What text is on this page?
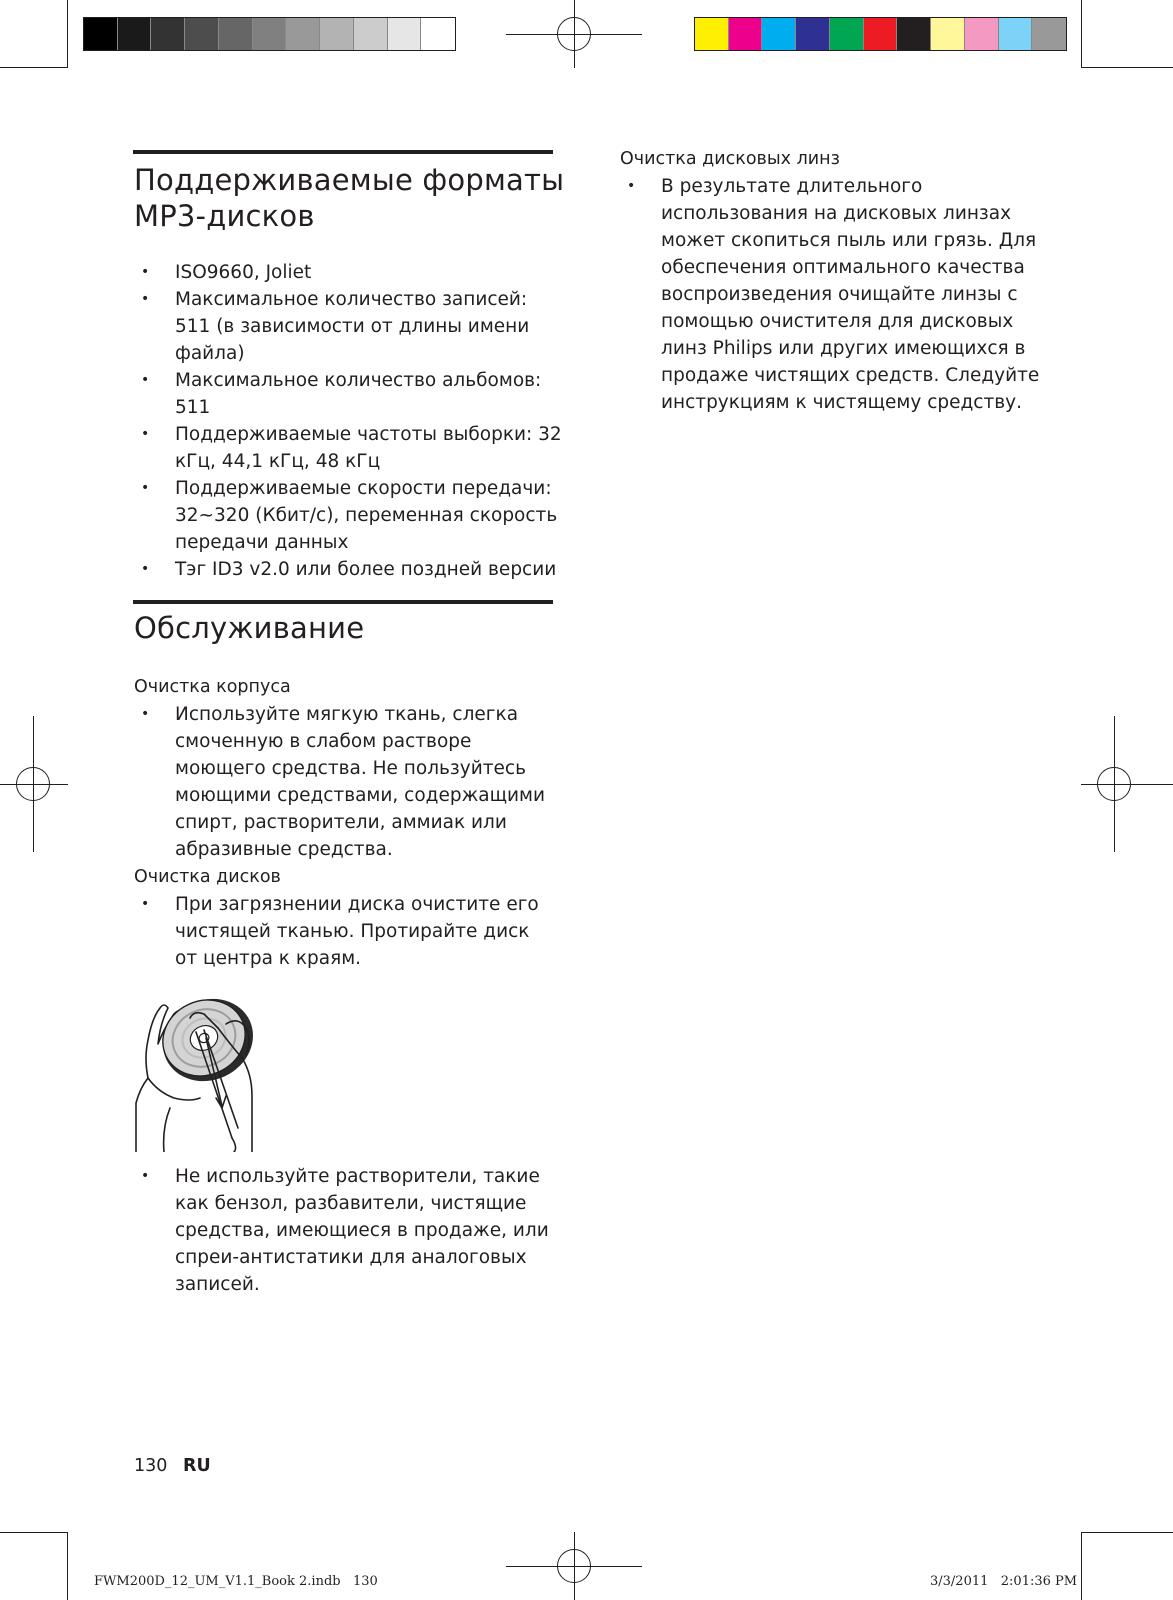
Поддерживаемые форматы
MP3-дисков
• ISO9660, Joliet
• Максимальное количество записей: 511 (в зависимости от длины имени файла)
• Максимальное количество альбомов: 511
• Поддерживаемые частоты выборки: 32 кГц, 44,1 кГц, 48 кГц
• Поддерживаемые скорости передачи: 32~320 (Кбит/с), переменная скорость передачи данных
• Тэг ID3 v2.0 или более поздней версии
Обслуживание
Очистка корпуса
• Используйте мягкую ткань, слегка смоченную в слабом растворе моющего средства. Не пользуйтесь моющими средствами, содержащими спирт, растворители, аммиак или абразивные средства.
Очистка дисков
• При загрязнении диска очистите его чистящей тканью. Протирайте диск от центра к краям.
• Не используйте растворители, такие как бензол, разбавители, чистящие средства, имеющиеся в продаже, или спреи-антистатики для аналоговых записей.
Очистка дисковых линз
• В результате длительного использования на дисковых линзах может скопиться пыль или грязь. Для обеспечения оптимального качества воспроизведения очищайте линзы с помощью очистителя для дисковых линз Philips или других имеющихся в продаже чистящих средств. Следуйте инструкциям к чистящему средству.
130 RU
FWM200D_12_UM_V1.1_Book 2.indb   130	3/3/2011   2:01:36 PM
